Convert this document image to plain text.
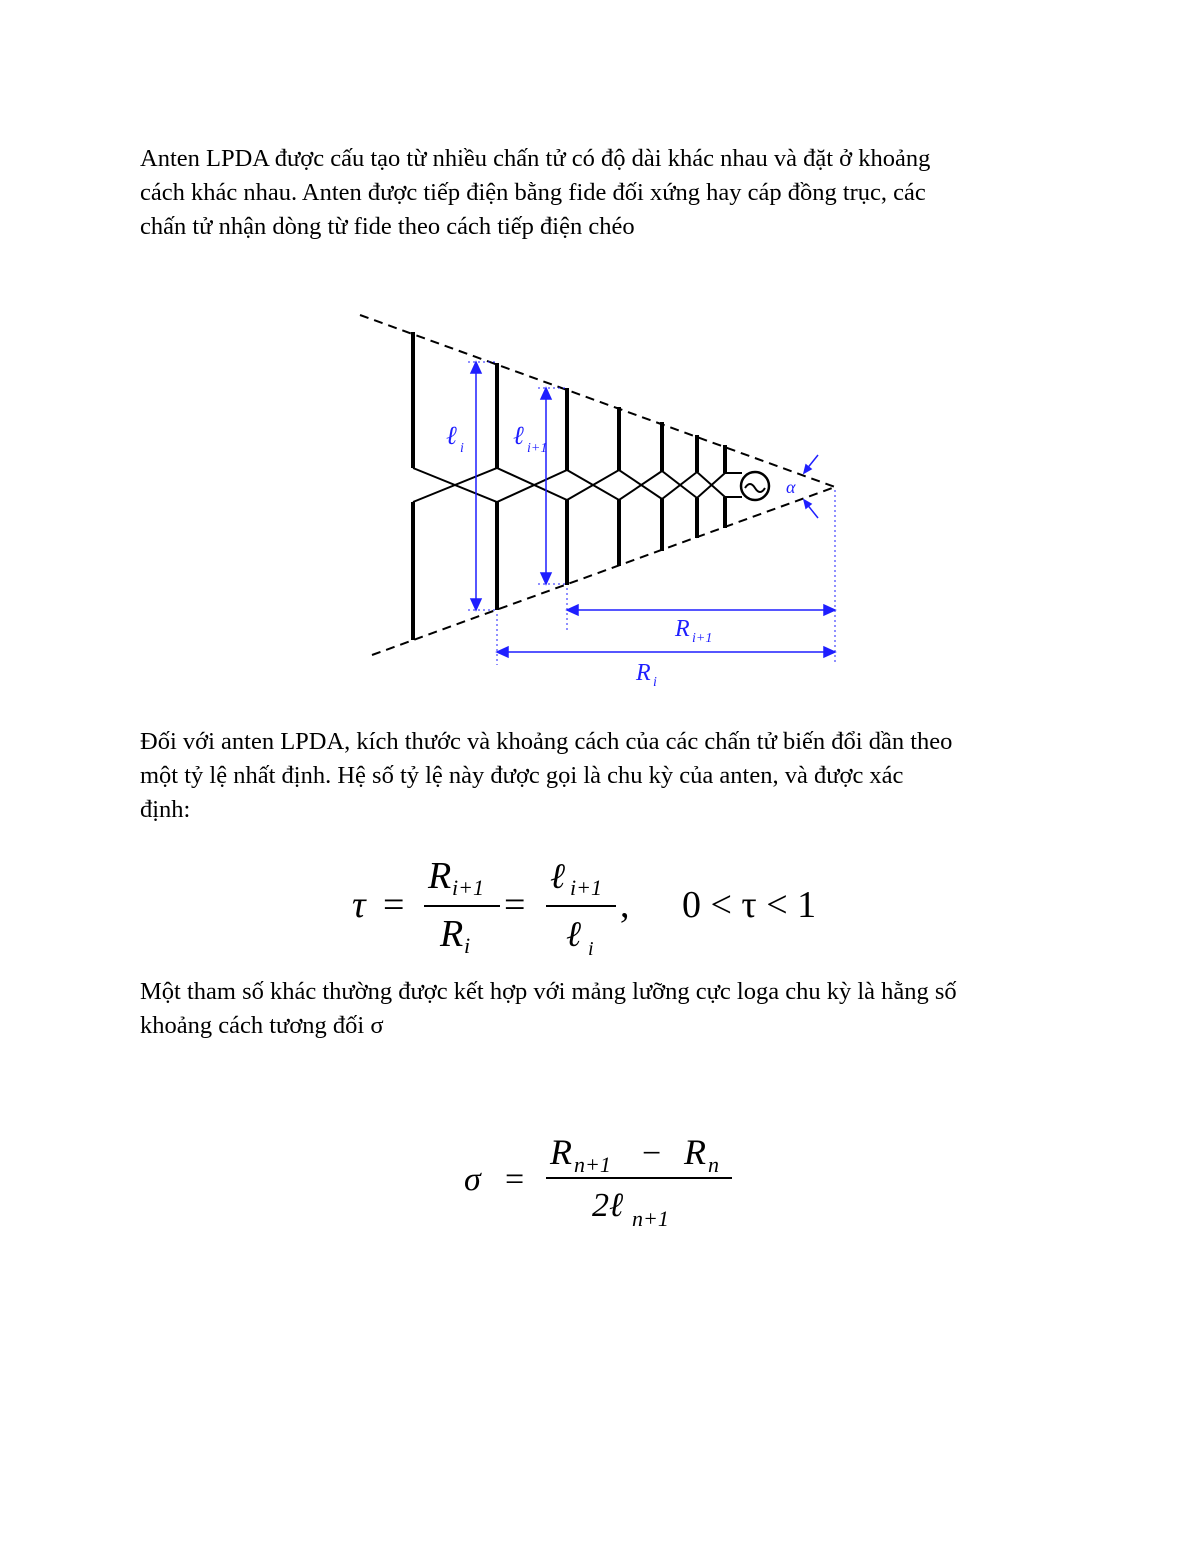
Anten LPDA được cấu tạo từ nhiều chấn tử có độ dài khác nhau và đặt ở khoảng
cách khác nhau. Anten được tiếp điện bằng fide đối xứng hay cáp đồng trục, các
chấn tử nhận dòng từ fide theo cách tiếp điện chéo
α
ℓ i ℓ i+1
R i+1
R i
Đối với anten LPDA, kích thước và khoảng cách của các chấn tử biến đổi dần theo
một tỷ lệ nhất định. Hệ số tỷ lệ này được gọi là chu kỳ của anten, và được xác
định:
τ =
R i+1
R i
=
ℓ i+1
ℓ i
, 0 < τ < 1
Một tham số khác thường được kết hợp với mảng lưỡng cực loga chu kỳ là hằng số
khoảng cách tương đối σ
σ =
R n+1 − R n
2ℓ n+1
